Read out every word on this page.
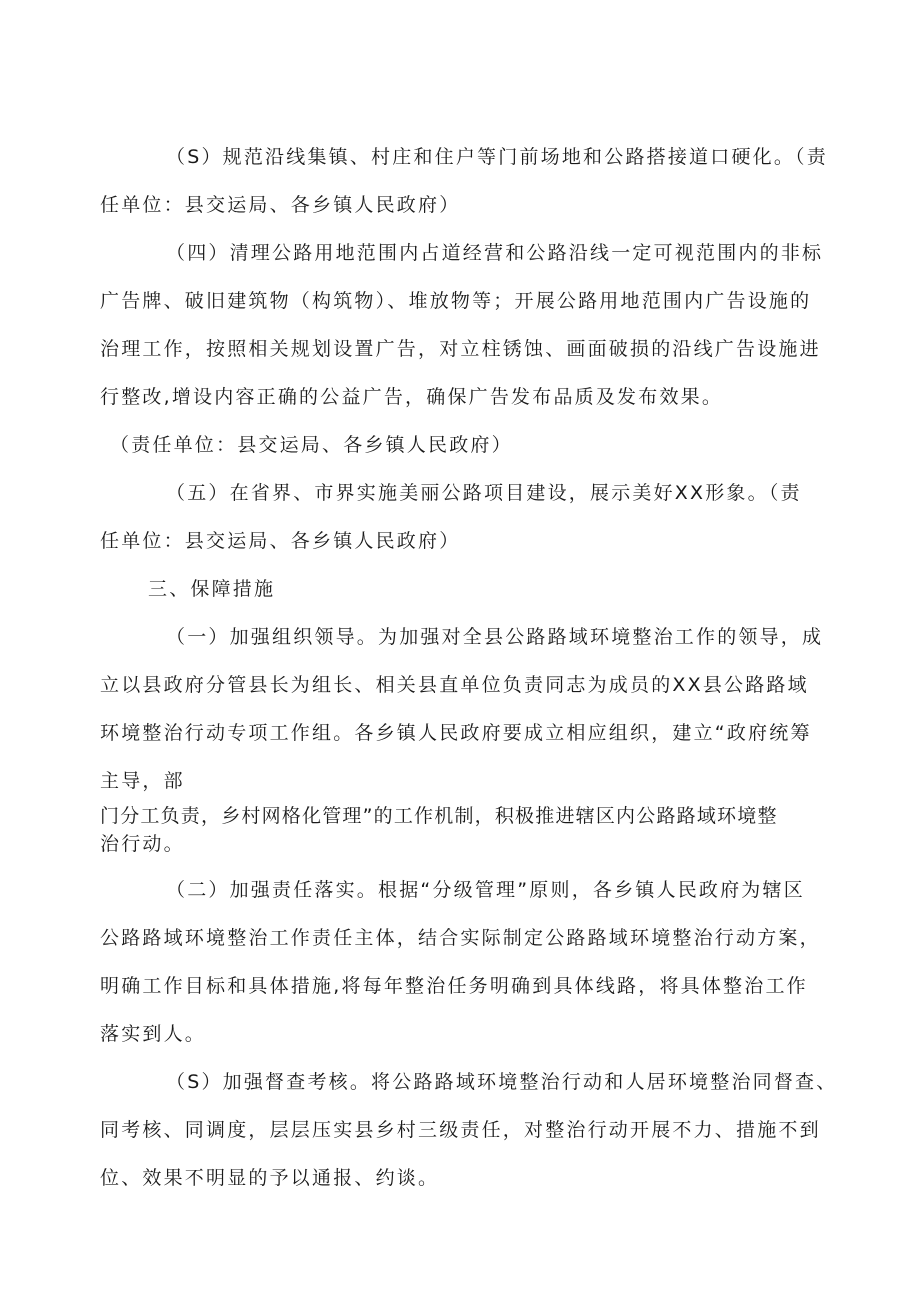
（S）规范沿线集镇、村庄和住户等门前场地和公路搭接道口硬化。（责
任单位：县交运局、各乡镇人民政府）
（四）清理公路用地范围内占道经营和公路沿线一定可视范围内的非标
广告牌、破旧建筑物（构筑物）、堆放物等；开展公路用地范围内广告设施的
治理工作，按照相关规划设置广告，对立柱锈蚀、画面破损的沿线广告设施进
行整改,增设内容正确的公益广告，确保广告发布品质及发布效果。
（责任单位：县交运局、各乡镇人民政府）
（五）在省界、市界实施美丽公路项目建设，展示美好XX形象。（责
任单位：县交运局、各乡镇人民政府）
三、保障措施
（一）加强组织领导。为加强对全县公路路域环境整治工作的领导，成
立以县政府分管县长为组长、相关县直单位负责同志为成员的XX县公路路域
环境整治行动专项工作组。各乡镇人民政府要成立相应组织，建立“政府统筹
主导，部
门分工负责，乡村网格化管理”的工作机制，积极推进辖区内公路路域环境整
治行动。
（二）加强责任落实。根据“分级管理”原则，各乡镇人民政府为辖区
公路路域环境整治工作责任主体，结合实际制定公路路域环境整治行动方案，
明确工作目标和具体措施,将每年整治任务明确到具体线路，将具体整治工作
落实到人。
（S）加强督查考核。将公路路域环境整治行动和人居环境整治同督查、
同考核、同调度，层层压实县乡村三级责任，对整治行动开展不力、措施不到
位、效果不明显的予以通报、约谈。
